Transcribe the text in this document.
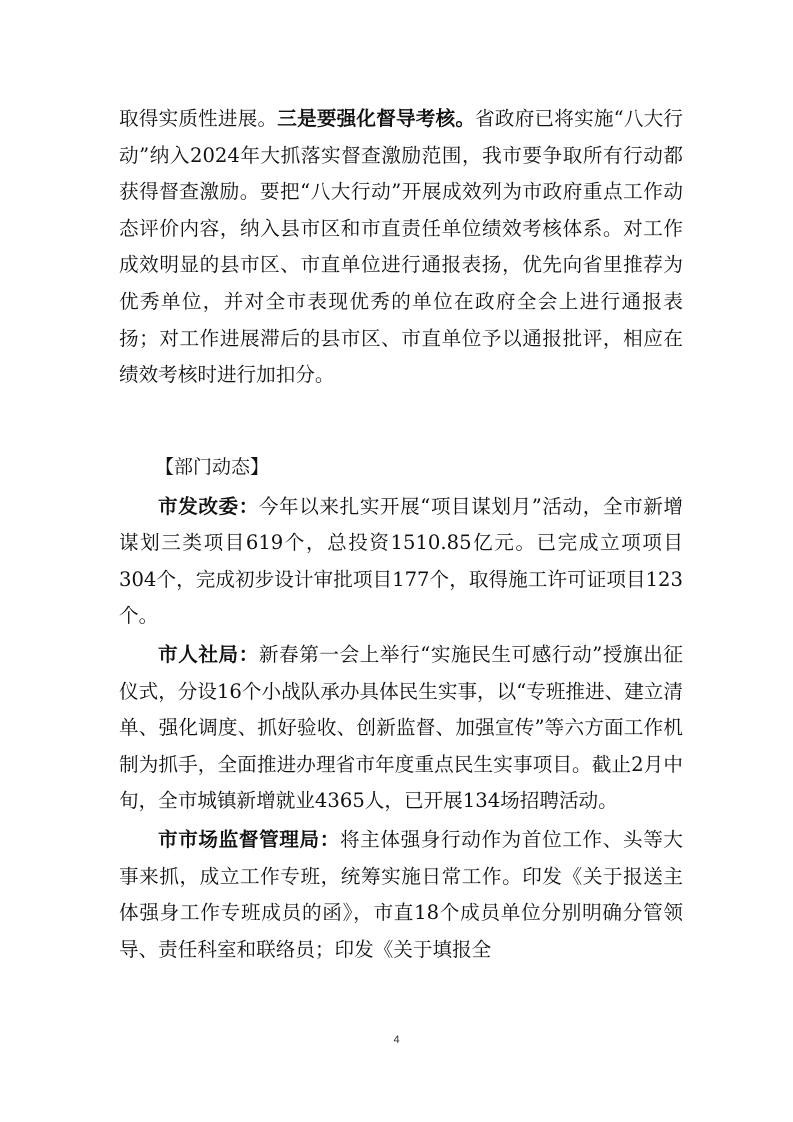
取得实质性进展。三是要强化督导考核。省政府已将实施“八大行动”纳入2024年大抓落实督查激励范围，我市要争取所有行动都获得督查激励。要把“八大行动”开展成效列为市政府重点工作动态评价内容，纳入县市区和市直责任单位绩效考核体系。对工作成效明显的县市区、市直单位进行通报表扬，优先向省里推荐为优秀单位，并对全市表现优秀的单位在政府全会上进行通报表扬；对工作进展滞后的县市区、市直单位予以通报批评，相应在绩效考核时进行加扣分。

【部门动态】

市发改委：今年以来扎实开展“项目谋划月”活动，全市新增谋划三类项目619个，总投资1510.85亿元。已完成立项项目304个，完成初步设计审批项目177个，取得施工许可证项目123个。

市人社局：新春第一会上举行“实施民生可感行动”授旗出征仪式，分设16个小战队承办具体民生实事，以“专班推进、建立清单、强化调度、抓好验收、创新监督、加强宣传”等六方面工作机制为抓手，全面推进办理省市年度重点民生实事项目。截止2月中旬，全市城镇新增就业4365人，已开展134场招聘活动。

市市场监督管理局：将主体强身行动作为首位工作、头等大事来抓，成立工作专班，统筹实施日常工作。印发《关于报送主体强身工作专班成员的函》，市直18个成员单位分别明确分管领导、责任科室和联络员；印发《关于填报全

4
